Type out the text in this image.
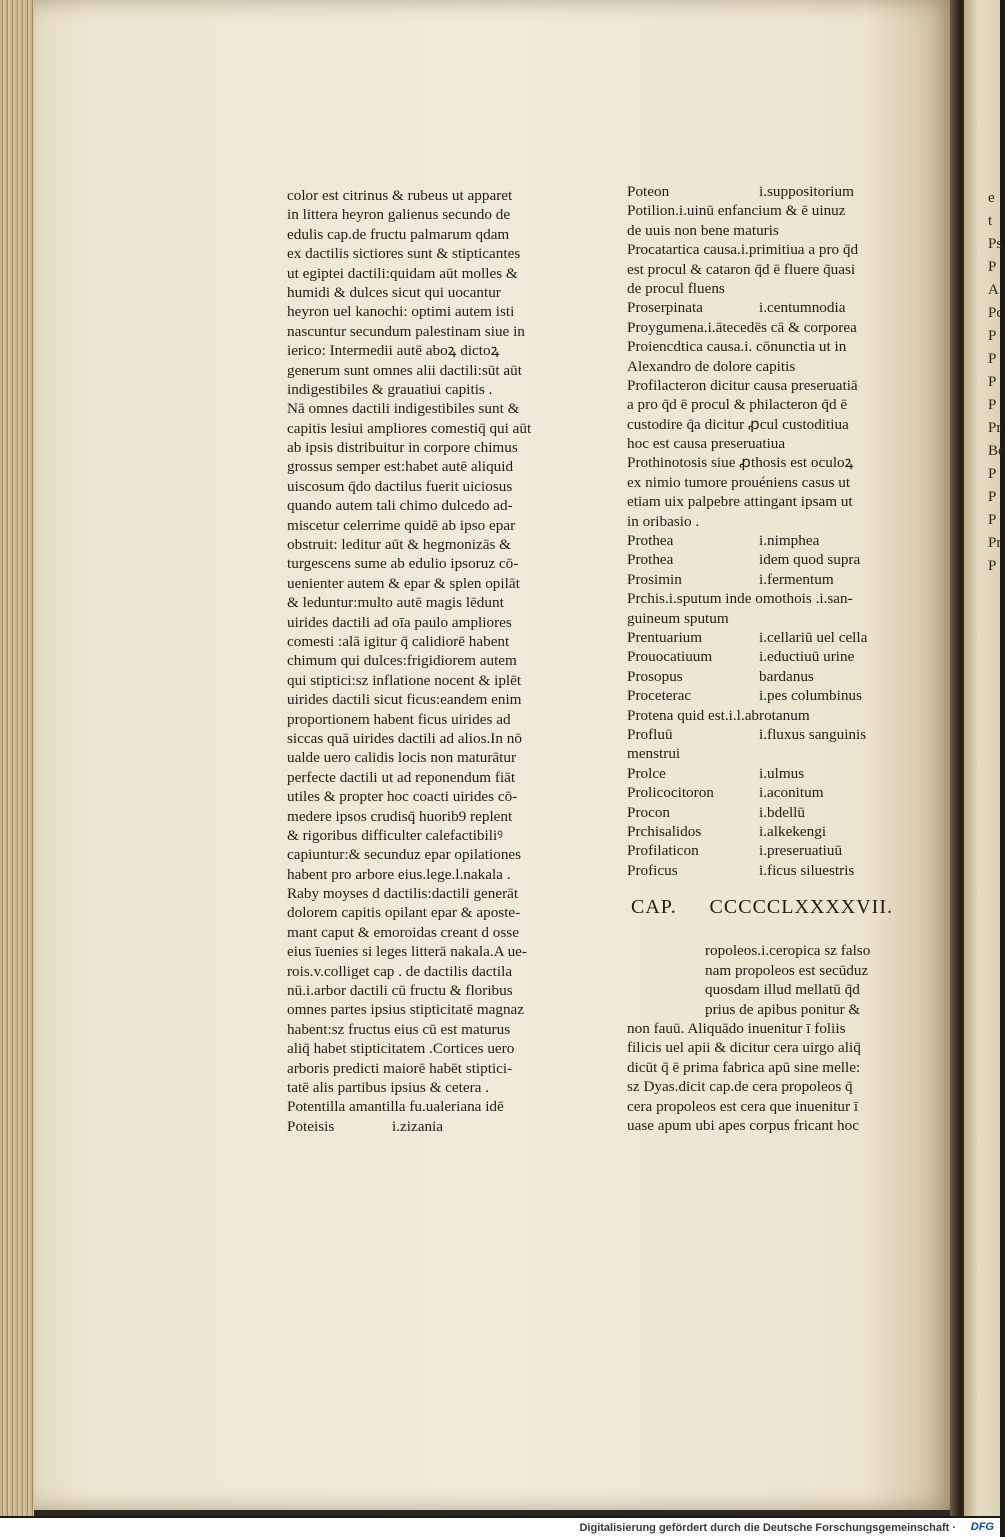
color est citrinus & rubeus ut apparet
in littera heyron galienus secundo de
edulis cap.de fructu palmarum qdam
ex dactilis sictiores sunt & stipticantes
ut egiptei dactili:quidam aūt molles &
humidi & dulces sicut qui uocantur
heyron uel kanochi: optimi autem isti
nascuntur secundum palestinam siue in
ierico: Intermedii autē aboꝝ dictoꝝ
generum sunt omnes alii dactili:sūt aūt
indigestibiles & grauatiui capitis .
Nā omnes dactili indigestibiles sunt &
capitis lesiui ampliores comestiq̄ qui aūt
ab ipsis distribuitur in corpore chimus
grossus semper est:habet autē aliquid
uiscosum q̄do dactilus fuerit uiciosus
quando autem tali chimo dulcedo ad-
miscetur celerrime quidē ab ipso epar
obstruit: leditur aūt & hegmonizās &
turgescens sume ab edulio ipsoruz cō-
uenienter autem & epar & splen opilāt
& leduntur:multo autē magis lēdunt
uirides dactili ad oīa paulo ampliores
comesti :alā igitur q̄ calidiorē habent
chimum qui dulces:frigidiorem autem
qui stiptici:sz inflatione nocent & iplēt
uirides dactili sicut ficus:eandem enim
proportionem habent ficus uirides ad
siccas quā uirides dactili ad alios.In nō
ualde uero calidis locis non maturātur
perfecte dactili ut ad reponendum fiāt
utiles & propter hoc coacti uirides cō-
medere ipsos crudisq̄ huorib9 replent
& rigoribus difficulter calefactibiliꝰ
capiuntur:& secunduz epar opilationes
habent pro arbore eius.lege.l.nakala .
Raby moyses d dactilis:dactili generāt
dolorem capitis opilant epar & aposte-
mant caput & emoroidas creant d osse
eius īuenies si leges litterā nakala.A ue-
rois.v.colliget cap . de dactilis dactila
nū.i.arbor dactili cū fructu & floribus
omnes partes ipsius stipticitatē magnaz
habent:sz fructus eius cū est maturus
aliq̄ habet stipticitatem .Cortices uero
arboris predicti maiorē habēt stiptici-
tatē alis partibus ipsius & cetera .
Potentilla amantilla fu.ualeriana idē
Poteisis	i.zizania
Poteon	i.suppositorium
Potilion.i.uinū enfancium & ē uinuz
de uuis non bene maturis
Procatartica causa.i.primitiua a pro q̄d
est procul & cataron q̄d ē fluere q̄uasi
de procul fluens
Proserpinata	i.centumnodia
Proygumena.i.ātecedēs cā & corporea
Proiencdtica causa.i. cōnunctia ut in
Alexandro de dolore capitis
Profilacteron dicitur causa preseruatiā
a pro q̄d ē procul & philacteron q̄d ē
custodire q̄a dicitur ꝓcul custoditiua
hoc est causa preseruatiua
Prothinotosis siue ꝓthosis est oculoꝝ
ex nimio tumore prouéniens casus ut
etiam uix palpebre attingant ipsam ut
in oribasio .
Prothea	i.nimphea
Prothea	idem quod supra
Prosimin	i.fermentum
Prchis.i.sputum inde omothois .i.san-
guineum sputum
Prentuarium	i.cellariū uel cella
Prouocatiuum	i.eductiuū urine
Prosopus	bardanus
Proceterac	i.pes columbinus
Protena quid est.i.l.abrotanum
Profluū	i.fluxus sanguinis
menstrui
Prolce	i.ulmus
Prolicocitoron	i.aconitum
Procon	i.bdellū
Prchisalidos	i.alkekengi
Profilaticon	i.preseruatiuū
Proficus	i.ficus siluestris
CAP. CCCCCLXXXXVII.
ropoleos.i.ceropica sz falso
nam propoleos est secūduz
quosdam illud mellatū q̄d
prius de apibus ponitur &
non fauū. Aliquādo inuenitur ī foliis
filicis uel apii & dicitur cera uirgo aliq̄
dicūt q̄ ē prima fabrica apū sine melle:
sz Dyas.dicit cap.de cera propoleos q̄
cera propoleos est cera que inuenitur ī
uase apum ubi apes corpus fricant hoc
e
t
Ps
P
A
Pc
P
P
P
P
Pr
Be
P
P
P
Pr
P
Digitalisierung gefördert durch die Deutsche Forschungsgemeinschaft · DFG
